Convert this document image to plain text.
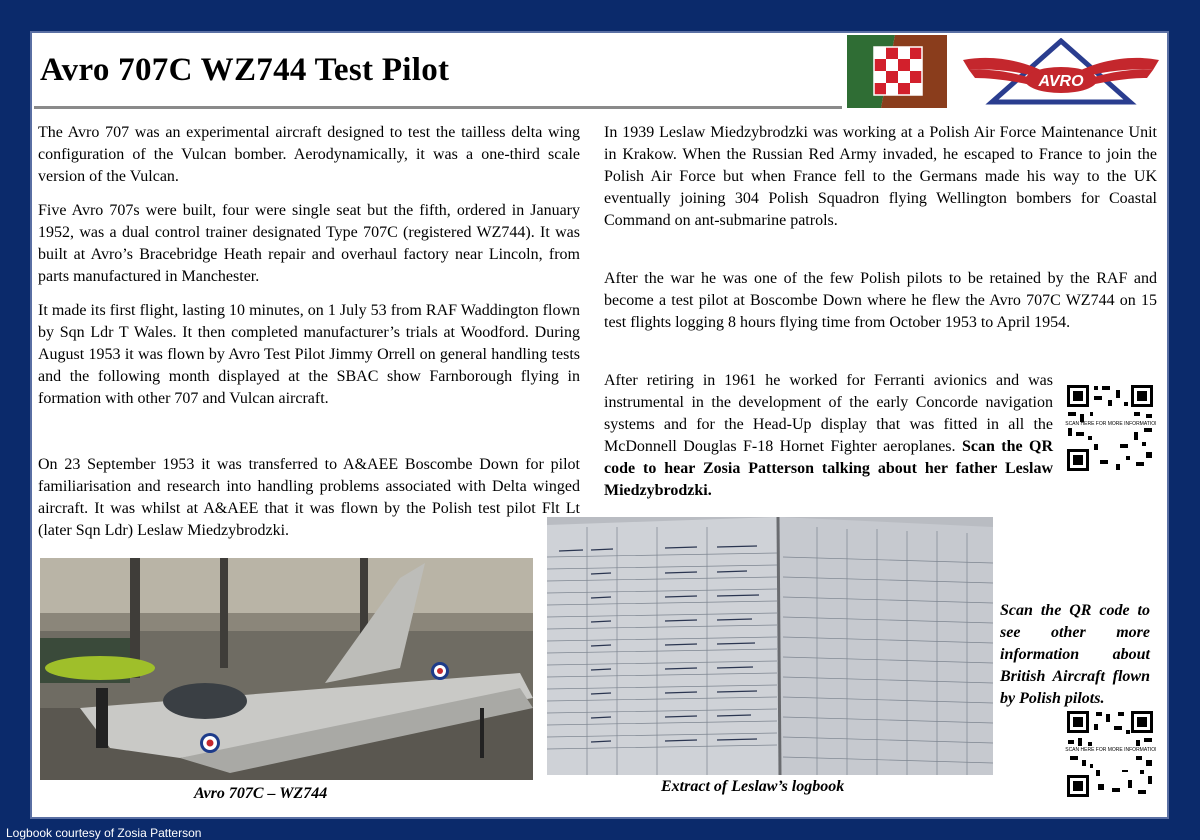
Avro 707C WZ744 Test Pilot	AVRO

The Avro 707 was an experimental aircraft designed to test the tailless delta wing configuration of the Vulcan bomber. Aerodynamically, it was a one-third scale version of the Vulcan.

Five Avro 707s were built, four were single seat but the fifth, ordered in January 1952, was a dual control trainer designated Type 707C (registered WZ744). It was built at Avro’s Bracebridge Heath repair and overhaul factory near Lincoln, from parts manufactured in Manchester.

It made its first flight, lasting 10 minutes, on 1 July 53 from RAF Waddington flown by Sqn Ldr T Wales. It then completed manufacturer’s trials at Woodford. During August 1953 it was flown by Avro Test Pilot Jimmy Orrell on general handling tests and the following month displayed at the SBAC show Farnborough flying in formation with other 707 and Vulcan aircraft.

On 23 September 1953 it was transferred to A&AEE Boscombe Down for pilot familiarisation and research into handling problems associated with Delta winged aircraft. It was whilst at A&AEE that it was flown by the Polish test pilot Flt Lt (later Sqn Ldr) Leslaw Miedzybrodzki.

In 1939 Leslaw Miedzybrodzki was working at a Polish Air Force Maintenance Unit in Krakow. When the Russian Red Army invaded, he escaped to France to join the Polish Air Force but when France fell to the Germans made his way to the UK eventually joining 304 Polish Squadron flying Wellington bombers for Coastal Command on ant-submarine patrols.

After the war he was one of the few Polish pilots to be retained by the RAF and become a test pilot at Boscombe Down where he flew the Avro 707C WZ744 on 15 test flights logging 8 hours flying time from October 1953 to April 1954.

After retiring in 1961 he worked for Ferranti avionics and was instrumental in the development of the early Concorde navigation systems and for the Head-Up display that was fitted in all the McDonnell Douglas F-18 Hornet Fighter aeroplanes. Scan the QR code to hear Zosia Patterson talking about her father Leslaw Miedzybrodzki.

SCAN HERE FOR MORE INFORMATION
Avro 707C – WZ744	Extract of Leslaw’s logbook

Scan the QR code to see other more information about British Aircraft flown by Polish pilots.

SCAN HERE FOR MORE INFORMATION
Logbook courtesy of Zosia Patterson
